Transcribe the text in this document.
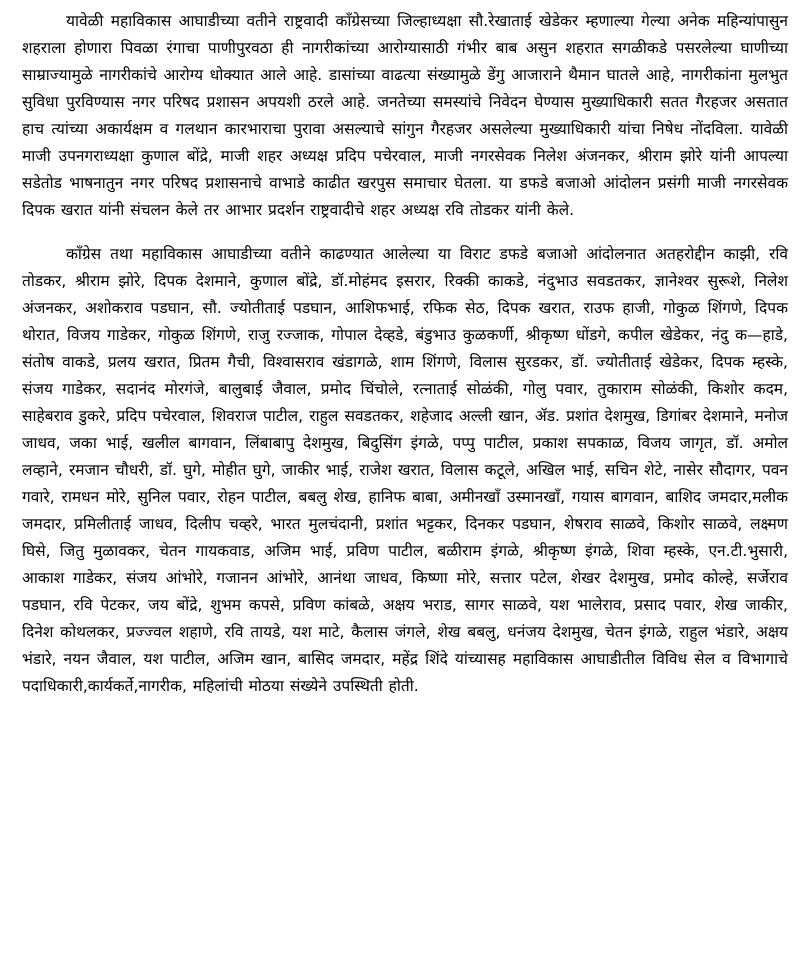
यावेळी महाविकास आघाडीच्या वतीने राष्ट्रवादी काँग्रेसच्या जिल्हाध्यक्षा सौ.रेखाताई खेडेकर म्हणाल्या गेल्या अनेक महिन्यांपासुन शहराला होणारा पिवळा रंगाचा पाणीपुरवठा ही नागरीकांच्या आरोग्यासाठी गंभीर बाब असुन शहरात सगळीकडे पसरलेल्या घाणीच्या साम्राज्यामुळे नागरीकांचे आरोग्य धोक्यात आले आहे. डासांच्या वाढत्या संख्यामुळे डेंगु आजाराने थैमान घातले आहे, नागरीकांना मुलभुत सुविधा पुरविण्यास नगर परिषद प्रशासन अपयशी ठरले आहे. जनतेच्या समस्यांचे निवेदन घेण्यास मुख्याधिकारी सतत गैरहजर असतात हाच त्यांच्या अकार्यक्षम व गलथान कारभाराचा पुरावा असल्याचे सांगुन गैरहजर असलेल्या मुख्याधिकारी यांचा निषेध नोंदविला. यावेळी माजी उपनगराध्यक्षा कुणाल बोंद्रे, माजी शहर अध्यक्ष प्रदिप पचेरवाल, माजी नगरसेवक निलेश अंजनकर, श्रीराम झोरे यांनी आपल्या सडेतोड भाषनातुन नगर परिषद प्रशासनाचे वाभाडे काढीत खरपुस समाचार घेतला. या डफडे बजाओ आंदोलन प्रसंगी माजी नगरसेवक दिपक खरात यांनी संचलन केले तर आभार प्रदर्शन राष्ट्रवादीचे शहर अध्यक्ष रवि तोडकर यांनी केले.

काँग्रेस तथा महाविकास आघाडीच्या वतीने काढण्यात आलेल्या या विराट डफडे बजाओ आंदोलनात अतहरोद्दीन काझी, रवि तोडकर, श्रीराम झोरे, दिपक देशमाने, कुणाल बोंद्रे, डॉ.मोहंमद इसरार, रिक्की काकडे, नंदुभाउ सवडतकर, ज्ञानेश्वर सुरूशे, निलेश अंजनकर, अशोकराव पडघान, सौ. ज्योतीताई पडघान, आशिफभाई, रफिक सेठ, दिपक खरात, राउफ हाजी, गोकुळ शिंगणे, दिपक थोरात, विजय गाडेकर, गोकुळ शिंगणे, राजु रज्जाक, गोपाल देव्हडे, बंडुभाउ कुळकर्णी, श्रीकृष्ण धोंडगे, कपील खेडेकर, नंदु क—हाडे, संतोष वाकडे, प्रलय खरात, प्रितम गैची, विश्वासराव खंडागळे, शाम शिंगणे, विलास सुरडकर, डॉ. ज्योतीताई खेडेकर, दिपक म्हस्के, संजय गाडेकर, सदानंद मोरगंजे, बालुबाई जैवाल, प्रमोद चिंचोले, रत्नाताई सोळंकी, गोलु पवार, तुकाराम सोळंकी, किशोर कदम, साहेबराव डुकरे, प्रदिप पचेरवाल, शिवराज पाटील, राहुल सवडतकर, शहेजाद अल्ली खान, ॲड. प्रशांत देशमुख, डिगांबर देशमाने, मनोज जाधव, जका भाई, खलील बागवान, लिंबाबापु देशमुख, बिदुसिंग इंगळे, पप्पु पाटील, प्रकाश सपकाळ, विजय जागृत, डॉ. अमोल लव्हाने, रमजान चौधरी, डॉ. घुगे, मोहीत घुगे, जाकीर भाई, राजेश खरात, विलास कटूले, अखिल भाई, सचिन शेटे, नासेर सौदागर, पवन गवारे, रामधन मोरे, सुनिल पवार, रोहन पाटील, बबलु शेख, हानिफ बाबा, अमीनखाँ उस्मानखाँ, गयास बागवान, बाशिद जमदार,मलीक जमदार, प्रमिलीताई जाधव, दिलीप चव्हरे, भारत मुलचंदानी, प्रशांत भट्टकर, दिनकर पडघान, शेषराव साळवे, किशोर साळवे, लक्ष्मण घिसे, जितु मुळावकर, चेतन गायकवाड, अजिम भाई, प्रविण पाटील, बळीराम इंगळे, श्रीकृष्ण इंगळे, शिवा म्हस्के, एन.टी.भुसारी, आकाश गाडेकर, संजय आंभोरे, गजानन आंभोरे, आनंथा जाधव, किष्णा मोरे, सत्तार पटेल, शेखर देशमुख, प्रमोद कोल्हे, सर्जेराव पडघान, रवि पेटकर, जय बोंद्रे, शुभम कपसे, प्रविण कांबळे, अक्षय भराड, सागर साळवे, यश भालेराव, प्रसाद पवार, शेख जाकीर, दिनेश कोथलकर, प्रज्ज्वल शहाणे, रवि तायडे, यश माटे, कैलास जंगले, शेख बबलु, धनंजय देशमुख, चेतन इंगळे, राहुल भंडारे, अक्षय भंडारे, नयन जैवाल, यश पाटील, अजिम खान, बासिद जमदार, महेंद्र शिंदे यांच्यासह महाविकास आघाडीतील विविध सेल व विभागाचे पदाधिकारी,कार्यकर्ते,नागरीक, महिलांची मोठया संख्येने उपस्थिती होती.
